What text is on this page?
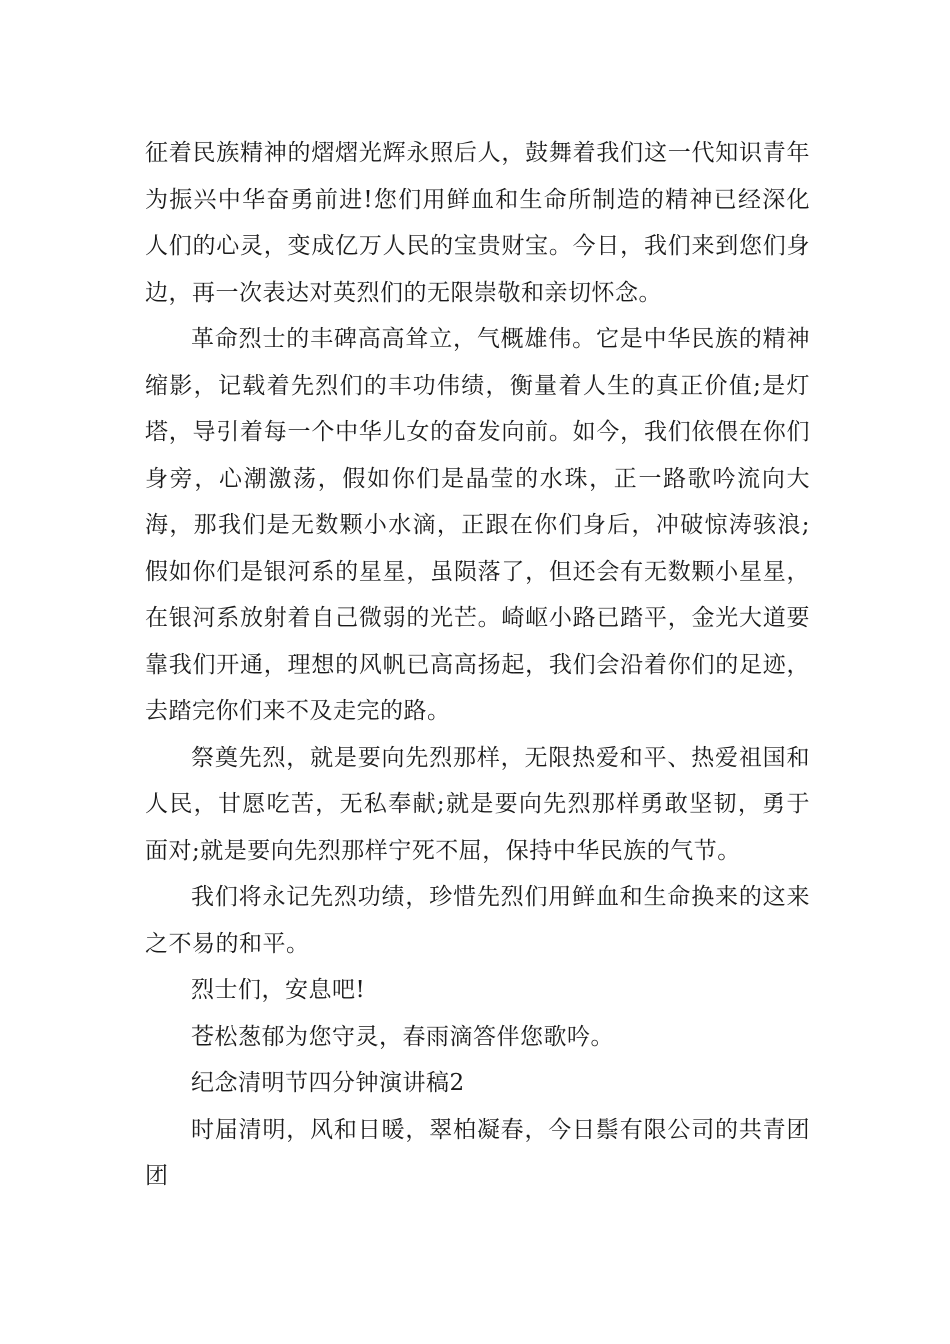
征着民族精神的熠熠光辉永照后人，鼓舞着我们这一代知识青年为振兴中华奋勇前进!您们用鲜血和生命所制造的精神已经深化人们的心灵，变成亿万人民的宝贵财宝。今日，我们来到您们身边，再一次表达对英烈们的无限崇敬和亲切怀念。

革命烈士的丰碑高高耸立，气概雄伟。它是中华民族的精神缩影，记载着先烈们的丰功伟绩，衡量着人生的真正价值;是灯塔，导引着每一个中华儿女的奋发向前。如今，我们依偎在你们身旁，心潮激荡，假如你们是晶莹的水珠，正一路歌吟流向大海，那我们是无数颗小水滴，正跟在你们身后，冲破惊涛骇浪;假如你们是银河系的星星，虽陨落了，但还会有无数颗小星星，在银河系放射着自己微弱的光芒。崎岖小路已踏平，金光大道要靠我们开通，理想的风帆已高高扬起，我们会沿着你们的足迹，去踏完你们来不及走完的路。

祭奠先烈，就是要向先烈那样，无限热爱和平、热爱祖国和人民，甘愿吃苦，无私奉献;就是要向先烈那样勇敢坚韧，勇于面对;就是要向先烈那样宁死不屈，保持中华民族的气节。

我们将永记先烈功绩，珍惜先烈们用鲜血和生命换来的这来之不易的和平。

烈士们，安息吧!

苍松葱郁为您守灵，春雨滴答伴您歌吟。

纪念清明节四分钟演讲稿2

时届清明，风和日暖，翠柏凝春，今日鬃有限公司的共青团团
